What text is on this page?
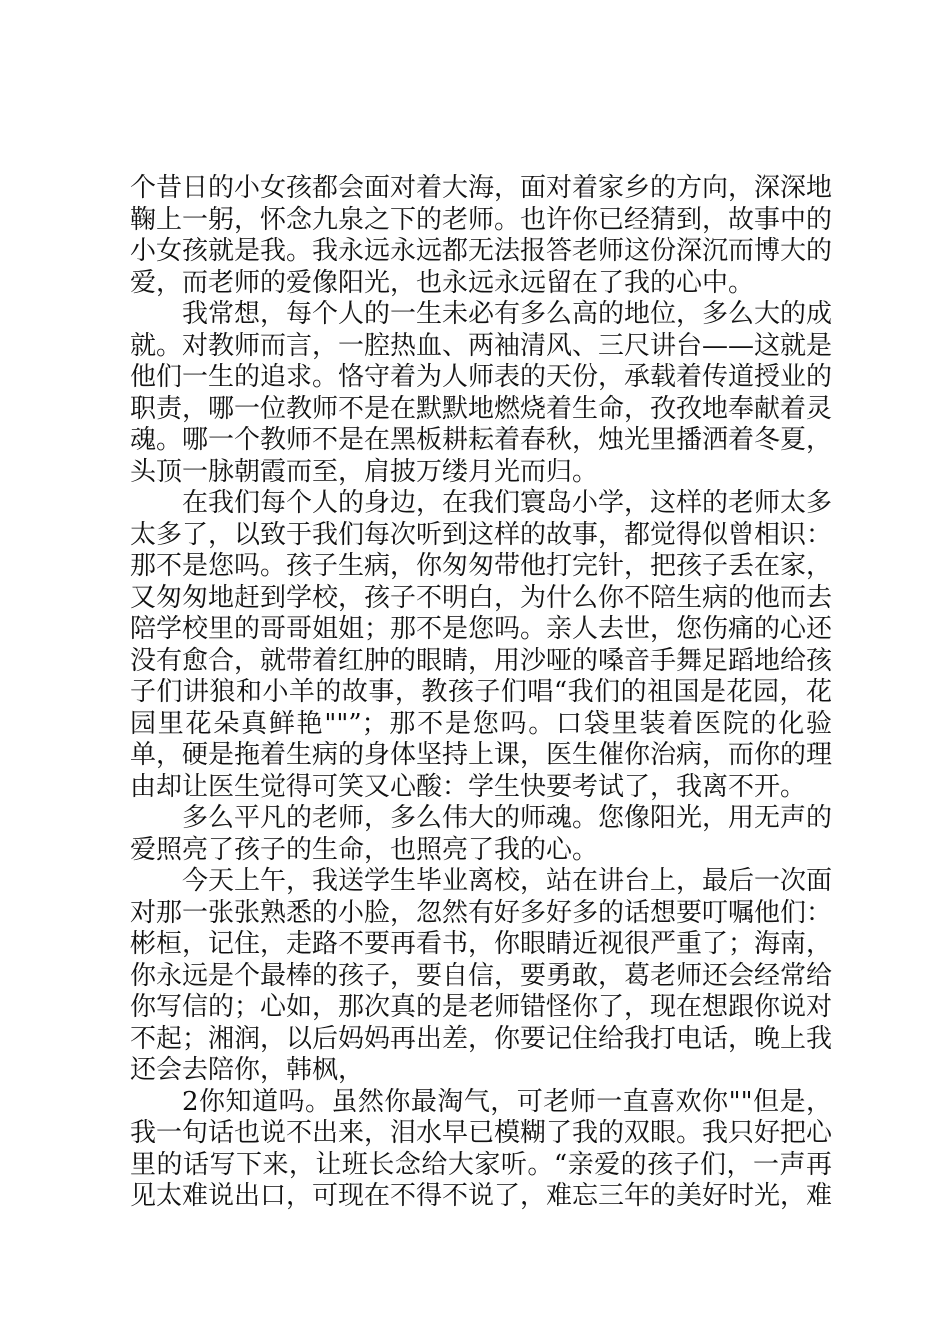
个昔日的小女孩都会面对着大海，面对着家乡的方向，深深地鞠上一躬，怀念九泉之下的老师。也许你已经猜到，故事中的小女孩就是我。我永远永远都无法报答老师这份深沉而博大的爱，而老师的爱像阳光，也永远永远留在了我的心中。

我常想，每个人的一生未必有多么高的地位，多么大的成就。对教师而言，一腔热血、两袖清风、三尺讲台——这就是他们一生的追求。恪守着为人师表的天份，承载着传道授业的职责，哪一位教师不是在默默地燃烧着生命，孜孜地奉献着灵魂。哪一个教师不是在黑板耕耘着春秋，烛光里播洒着冬夏，头顶一脉朝霞而至，肩披万缕月光而归。

在我们每个人的身边，在我们寰岛小学，这样的老师太多太多了，以致于我们每次听到这样的故事，都觉得似曾相识：那不是您吗。孩子生病，你匆匆带他打完针，把孩子丢在家，又匆匆地赶到学校，孩子不明白，为什么你不陪生病的他而去陪学校里的哥哥姐姐；那不是您吗。亲人去世，您伤痛的心还没有愈合，就带着红肿的眼睛，用沙哑的嗓音手舞足蹈地给孩子们讲狼和小羊的故事，教孩子们唱“我们的祖国是花园，花园里花朵真鲜艳""”；那不是您吗。口袋里装着医院的化验单，硬是拖着生病的身体坚持上课，医生催你治病，而你的理由却让医生觉得可笑又心酸：学生快要考试了，我离不开。

多么平凡的老师，多么伟大的师魂。您像阳光，用无声的爱照亮了孩子的生命，也照亮了我的心。

今天上午，我送学生毕业离校，站在讲台上，最后一次面对那一张张熟悉的小脸，忽然有好多好多的话想要叮嘱他们：彬桓，记住，走路不要再看书，你眼睛近视很严重了；海南，你永远是个最棒的孩子，要自信，要勇敢，葛老师还会经常给你写信的；心如，那次真的是老师错怪你了，现在想跟你说对不起；湘润，以后妈妈再出差，你要记住给我打电话，晚上我还会去陪你，韩枫，

2你知道吗。虽然你最淘气，可老师一直喜欢你""但是，我一句话也说不出来，泪水早已模糊了我的双眼。我只好把心里的话写下来，让班长念给大家听。“亲爱的孩子们，一声再见太难说出口，可现在不得不说了，难忘三年的美好时光，难
